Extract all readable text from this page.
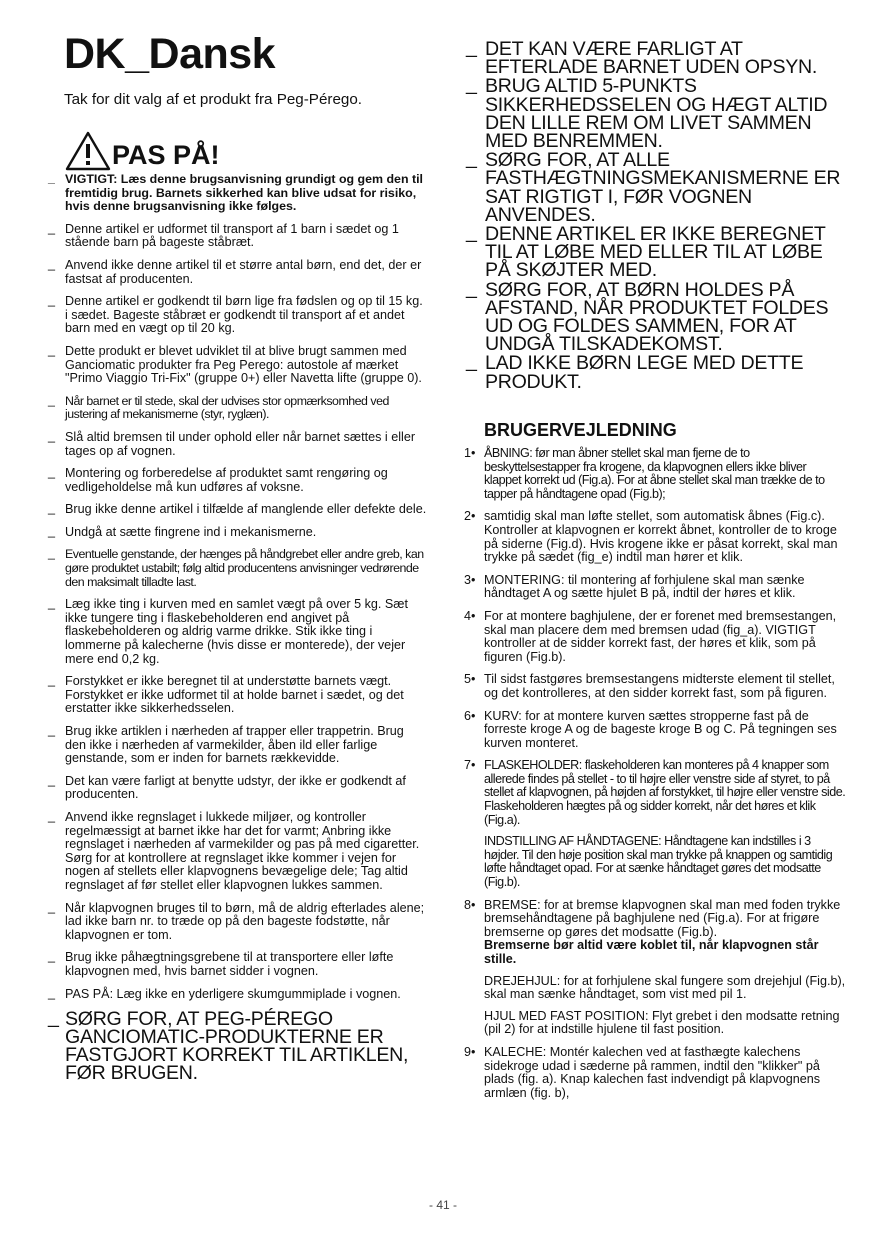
DK_Dansk
Tak for dit valg af et produkt fra Peg-Pérego.
PAS PÅ!
_ VIGTIGT: Læs denne brugsanvisning grundigt og gem den til fremtidig brug. Barnets sikkerhed kan blive udsat for risiko, hvis denne brugsanvisning ikke følges.
_ Denne artikel er udformet til transport af 1 barn i sædet og 1 stående barn på bageste ståbræt.
_ Anvend ikke denne artikel til et større antal børn, end det, der er fastsat af producenten.
_ Denne artikel er godkendt til børn lige fra fødslen og op til 15 kg. i sædet. Bageste ståbræt er godkendt til transport af et andet barn med en vægt op til 20 kg.
_ Dette produkt er blevet udviklet til at blive brugt sammen med Ganciomatic produkter fra Peg Perego: autostole af mærket "Primo Viaggio Tri-Fix" (gruppe 0+) eller Navetta lifte (gruppe 0).
_ Når barnet er til stede, skal der udvises stor opmærksomhed ved justering af mekanismerne (styr, ryglæn).
_ Slå altid bremsen til under ophold eller når barnet sættes i eller tages op af vognen.
_ Montering og forberedelse af produktet samt rengøring og vedligeholdelse må kun udføres af voksne.
_ Brug ikke denne artikel i tilfælde af manglende eller defekte dele.
_ Undgå at sætte fingrene ind i mekanismerne.
_ Eventuelle genstande, der hænges på håndgrebet eller andre greb, kan gøre produktet ustabilt; følg altid producentens anvisninger vedrørende den maksimalt tilladte last.
_ Læg ikke ting i kurven med en samlet vægt på over 5 kg. Sæt ikke tungere ting i flaskebeholderen end angivet på flaskebeholderen og aldrig varme drikke. Stik ikke ting i lommerne på kalecherne (hvis disse er monterede), der vejer mere end 0,2 kg.
_ Forstykket er ikke beregnet til at understøtte barnets vægt. Forstykket er ikke udformet til at holde barnet i sædet, og det erstatter ikke sikkerhedsselen.
_ Brug ikke artiklen i nærheden af trapper eller trappetrin. Brug den ikke i nærheden af varmekilder, åben ild eller farlige genstande, som er inden for barnets rækkevidde.
_ Det kan være farligt at benytte udstyr, der ikke er godkendt af producenten.
_ Anvend ikke regnslaget i lukkede miljøer, og kontroller regelmæssigt at barnet ikke har det for varmt; Anbring ikke regnslaget i nærheden af varmekilder og pas på med cigaretter. Sørg for at kontrollere at regnslaget ikke kommer i vejen for nogen af stellets eller klapvognens bevægelige dele; Tag altid regnslaget af før stellet eller klapvognen lukkes sammen.
_ Når klapvognen bruges til to børn, må de aldrig efterlades alene; lad ikke barn nr. to træde op på den bageste fodstøtte, når klapvognen er tom.
_ Brug ikke påhægtningsgrebene til at transportere eller løfte klapvognen med, hvis barnet sidder i vognen.
_ PAS PÅ: Læg ikke en yderligere skumgummiplade i vognen.
_ SØRG FOR, AT PEG-PÉREGO GANCIOMATIC-PRODUKTERNE ER FASTGJORT KORREKT TIL ARTIKLEN, FØR BRUGEN.
_ DET KAN VÆRE FARLIGT AT EFTERLADE BARNET UDEN OPSYN.
_ BRUG ALTID 5-PUNKTS SIKKERHEDSSELEN OG HÆGT ALTID DEN LILLE REM OM LIVET SAMMEN MED BENREMMEN.
_ SØRG FOR, AT ALLE FASTHÆGTNINGSMEKANISMERNE ER SAT RIGTIGT I, FØR VOGNEN ANVENDES.
_ DENNE ARTIKEL ER IKKE BEREGNET TIL AT LØBE MED ELLER TIL AT LØBE PÅ SKØJTER MED.
_ SØRG FOR, AT BØRN HOLDES PÅ AFSTAND, NÅR PRODUKTET FOLDES UD OG FOLDES SAMMEN, FOR AT UNDGÅ TILSKADEKOMST.
_ LAD IKKE BØRN LEGE MED DETTE PRODUKT.
BRUGERVEJLEDNING
1• ÅBNING: før man åbner stellet skal man fjerne de to beskyttelsestapper fra krogene, da klapvognen ellers ikke bliver klappet korrekt ud (Fig.a). For at åbne stellet skal man trække de to tapper på håndtagene opad (Fig.b);

2• samtidig skal man løfte stellet, som automatisk åbnes (Fig.c). Kontroller at klapvognen er korrekt åbnet, kontroller de to kroge på siderne (Fig.d). Hvis krogene ikke er påsat korrekt, skal man trykke på sædet (fig_e) indtil man hører et klik.

3• MONTERING: til montering af forhjulene skal man sænke håndtaget A og sætte hjulet B på, indtil der høres et klik.

4• For at montere baghjulene, der er forenet med bremsestangen, skal man placere dem med bremsen udad (fig_a). VIGTIGT kontroller at de sidder korrekt fast, der høres et klik, som på figuren (Fig.b).

5• Til sidst fastgøres bremsestangens midterste element til stellet, og det kontrolleres, at den sidder korrekt fast, som på figuren.

6• KURV: for at montere kurven sættes stropperne fast på de forreste kroge A og de bageste kroge B og C. På tegningen ses kurven monteret.

7• FLASKEHOLDER: flaskeholderen kan monteres på 4 knapper som allerede findes på stellet - to til højre eller venstre side af styret, to på stellet af klapvognen, på højden af forstykket, til højre eller venstre side. Flaskeholderen hægtes på og sidder korrekt, når det høres et klik (Fig.a).

INDSTILLING AF HÅNDTAGENE: Håndtagene kan indstilles i 3 højder. Til den høje position skal man trykke på knappen og samtidig løfte håndtaget opad. For at sænke håndtaget gøres det modsatte (Fig.b).

8• BREMSE: for at bremse klapvognen skal man med foden trykke bremsehåndtagene på baghjulene ned (Fig.a). For at frigøre bremserne op gøres det modsatte (Fig.b).

Bremserne bør altid være koblet til, når klapvognen står stille.

DREJEHJUL: for at forhjulene skal fungere som drejehjul (Fig.b), skal man sænke håndtaget, som vist med pil 1.

HJUL MED FAST POSITION: Flyt grebet i den modsatte retning (pil 2) for at indstille hjulene til fast position.

9• KALECHE: Montér kalechen ved at fasthægte kalechens sidekroge udad i sæderne på rammen, indtil den "klikker" på plads (fig. a). Knap kalechen fast indvendigt på klapvognens armlæn (fig. b),

- 41 -
